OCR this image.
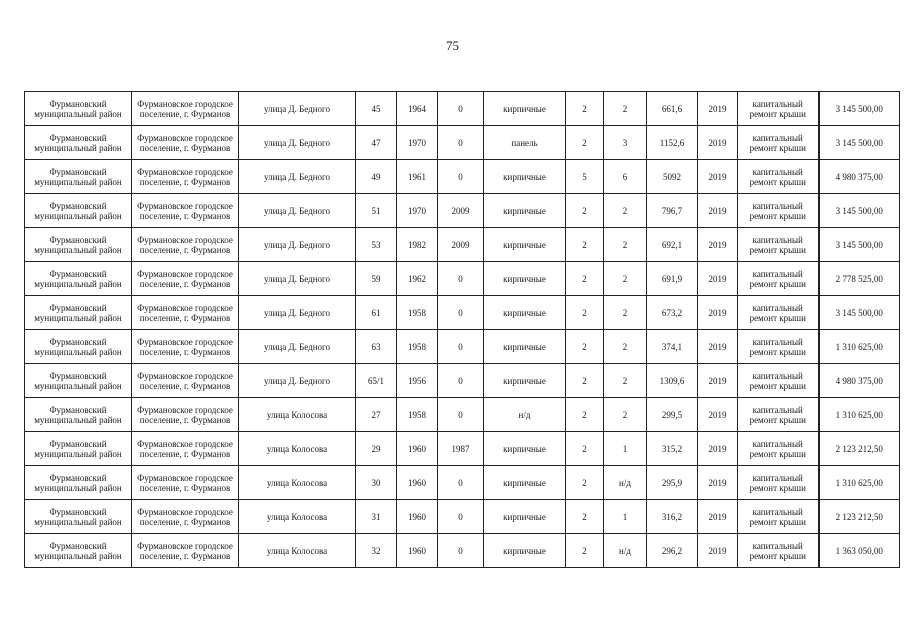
75
Фурмановский муниципальный район	Фурмановское городское поселение, г. Фурманов	улица Д. Бедного	45	1964	0	кирпичные	2	2	661,6	2019	капитальный ремонт крыши	3 145 500,00
Фурмановский муниципальный район	Фурмановское городское поселение, г. Фурманов	улица Д. Бедного	47	1970	0	панель	2	3	1152,6	2019	капитальный ремонт крыши	3 145 500,00
Фурмановский муниципальный район	Фурмановское городское поселение, г. Фурманов	улица Д. Бедного	49	1961	0	кирпичные	5	6	5092	2019	капитальный ремонт крыши	4 980 375,00
Фурмановский муниципальный район	Фурмановское городское поселение, г. Фурманов	улица Д. Бедного	51	1970	2009	кирпичные	2	2	796,7	2019	капитальный ремонт крыши	3 145 500,00
Фурмановский муниципальный район	Фурмановское городское поселение, г. Фурманов	улица Д. Бедного	53	1982	2009	кирпичные	2	2	692,1	2019	капитальный ремонт крыши	3 145 500,00
Фурмановский муниципальный район	Фурмановское городское поселение, г. Фурманов	улица Д. Бедного	59	1962	0	кирпичные	2	2	691,9	2019	капитальный ремонт крыши	2 778 525,00
Фурмановский муниципальный район	Фурмановское городское поселение, г. Фурманов	улица Д. Бедного	61	1958	0	кирпичные	2	2	673,2	2019	капитальный ремонт крыши	3 145 500,00
Фурмановский муниципальный район	Фурмановское городское поселение, г. Фурманов	улица Д. Бедного	63	1958	0	кирпичные	2	2	374,1	2019	капитальный ремонт крыши	1 310 625,00
Фурмановский муниципальный район	Фурмановское городское поселение, г. Фурманов	улица Д. Бедного	65/1	1956	0	кирпичные	2	2	1309,6	2019	капитальный ремонт крыши	4 980 375,00
Фурмановский муниципальный район	Фурмановское городское поселение, г. Фурманов	улица Колосова	27	1958	0	н/д	2	2	299,5	2019	капитальный ремонт крыши	1 310 625,00
Фурмановский муниципальный район	Фурмановское городское поселение, г. Фурманов	улица Колосова	29	1960	1987	кирпичные	2	1	315,2	2019	капитальный ремонт крыши	2 123 212,50
Фурмановский муниципальный район	Фурмановское городское поселение, г. Фурманов	улица Колосова	30	1960	0	кирпичные	2	н/д	295,9	2019	капитальный ремонт крыши	1 310 625,00
Фурмановский муниципальный район	Фурмановское городское поселение, г. Фурманов	улица Колосова	31	1960	0	кирпичные	2	1	316,2	2019	капитальный ремонт крыши	2 123 212,50
Фурмановский муниципальный район	Фурмановское городское поселение, г. Фурманов	улица Колосова	32	1960	0	кирпичные	2	н/д	296,2	2019	капитальный ремонт крыши	1 363 050,00
